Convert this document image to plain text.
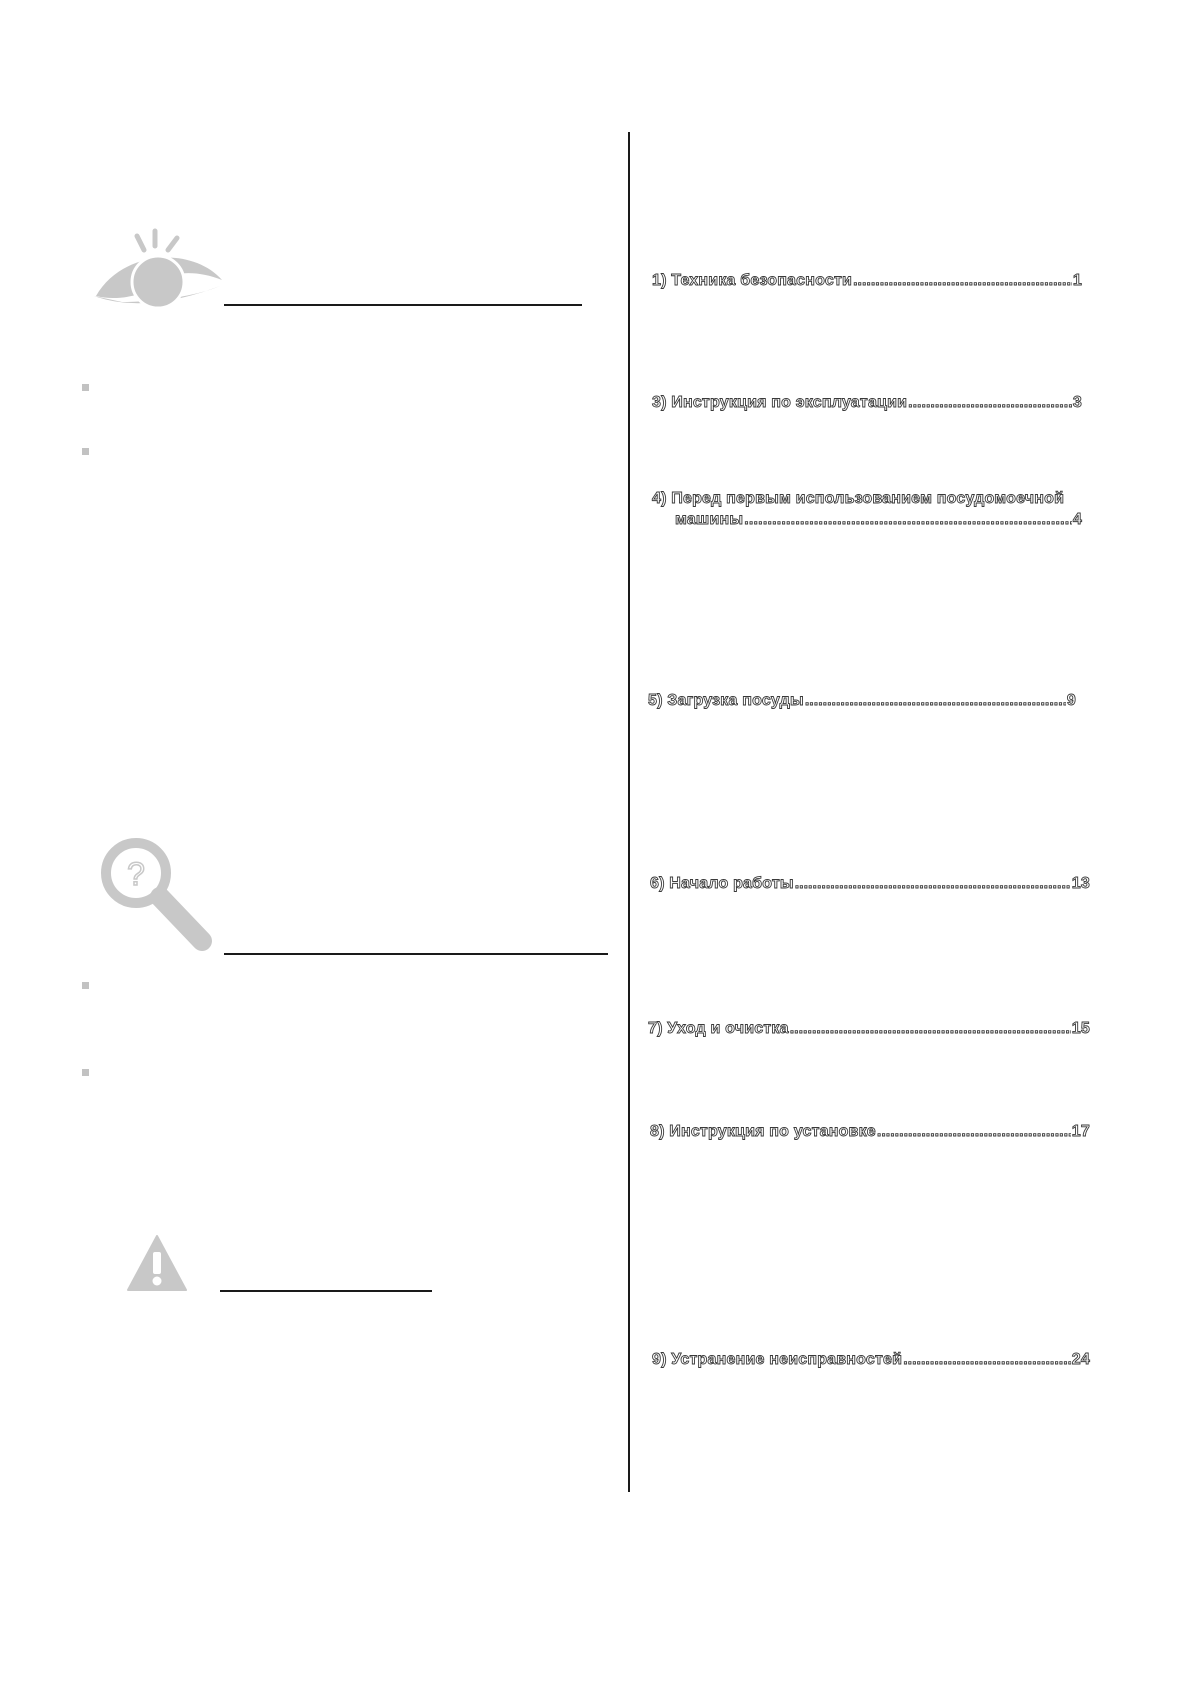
?
1) Техника безопасности .....	1
3) Инструкция по эксплуатации .....	3
4) Перед первым использованием посудомоечной
машины .....	4
5) Загрузка посуды .....	9
6) Начало работы .....	13
7) Уход и очистка .....	15
8) Инструкция по установке .....	17
9) Устранение неисправностей .....	24
